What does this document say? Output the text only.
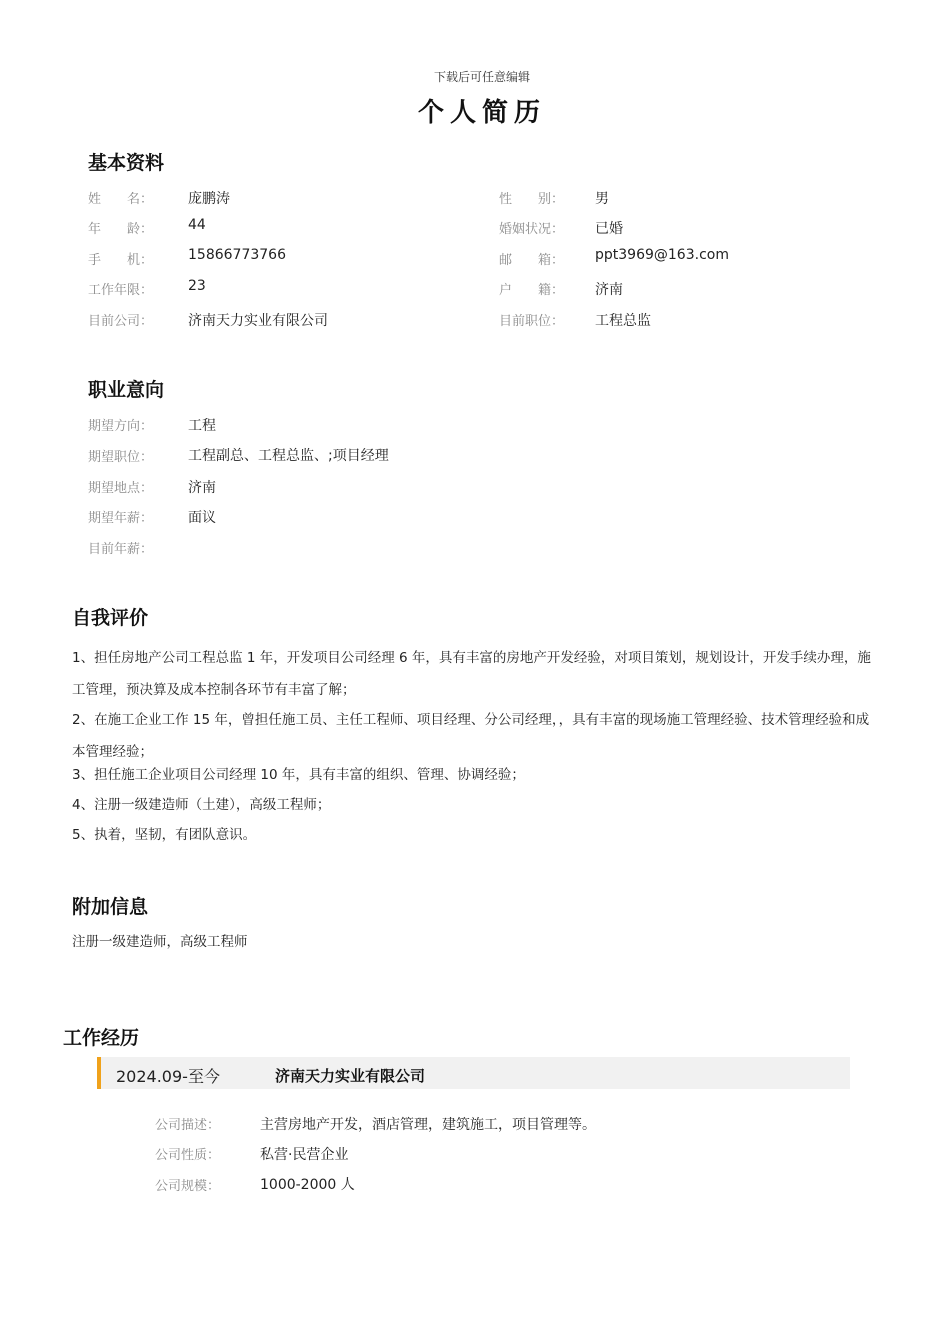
下载后可任意编辑
个人简历
基本资料
姓　　名： 庞鹏涛	性　　别： 男
年　　龄： 44	婚姻状况： 已婚
手　　机： 15866773766	邮　　箱： ppt3969@163.com
工作年限： 23	户　　籍： 济南
目前公司： 济南天力实业有限公司	目前职位： 工程总监
职业意向
期望方向： 工程
期望职位： 工程副总、工程总监、;项目经理
期望地点： 济南
期望年薪： 面议
目前年薪：
自我评价
1、担任房地产公司工程总监 1 年，开发项目公司经理 6 年，具有丰富的房地产开发经验，对项目策划，规划设计，开发手续办理，施工管理，预决算及成本控制各环节有丰富了解；
2、在施工企业工作 15 年，曾担任施工员、主任工程师、项目经理、分公司经理，，具有丰富的现场施工管理经验、技术管理经验和成本管理经验；
3、担任施工企业项目公司经理 10 年，具有丰富的组织、管理、协调经验；
4、注册一级建造师（土建），高级工程师；
5、执着，坚韧，有团队意识。
附加信息
注册一级建造师，高级工程师
工作经历
2024.09-至今	济南天力实业有限公司
公司描述：	主营房地产开发，酒店管理，建筑施工，项目管理等。
公司性质：	私营·民营企业
公司规模：	1000-2000 人
